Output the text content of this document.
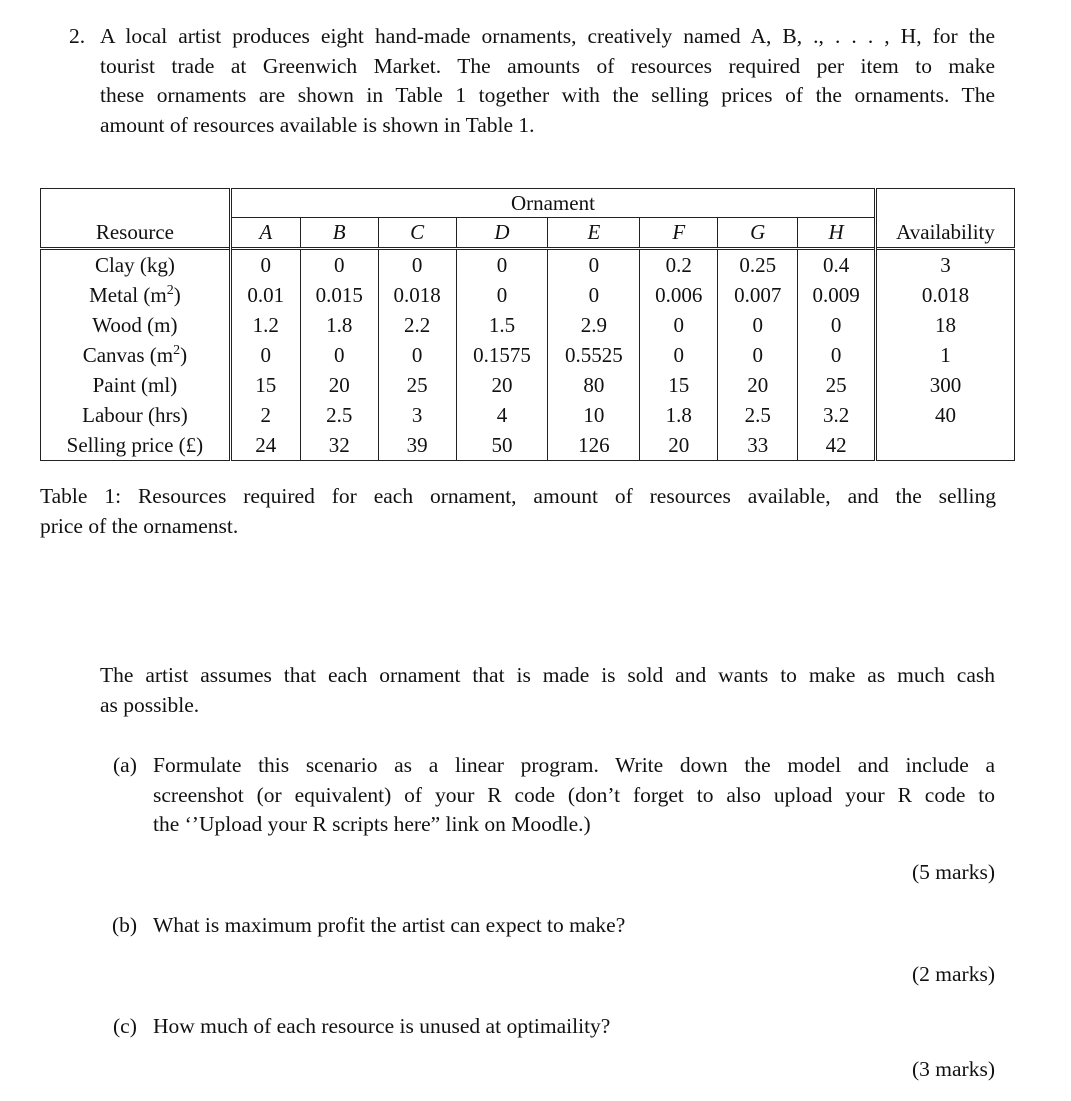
2. A local artist produces eight hand-made ornaments, creatively named A, B, ., . . . , H, for the
tourist trade at Greenwich Market. The amounts of resources required per item to make
these ornaments are shown in Table 1 together with the selling prices of the ornaments. The
amount of resources available is shown in Table 1.
	Ornament								
Resource	A	B	C	D	E	F	G	H	Availability
Clay (kg)	0	0	0	0	0	0.2	0.25	0.4	3
Metal $(m^2)$	0.01	0.015	0.018	0	0	0.006	0.007	0.009	0.018
Wood (m)	1.2	1.8	2.2	1.5	2.9	0	0	0	18
Canvas $(m^2)$	0	0	0	0.1575	0.5525	0	0	0	1
Paint (ml)	15	20	25	20	80	15	20	25	300
Labour (hrs)	2	2.5	3	4	10	1.8	2.5	3.2	40
Selling price (£)	24	32	39	50	126	20	33	42	
Table 1: Resources required for each ornament, amount of resources available, and the selling
price of the ornamenst.
The artist assumes that each ornament that is made is sold and wants to make as much cash
as possible.
(a) Formulate this scenario as a linear program. Write down the model and include a
screenshot (or equivalent) of your R code (don’t forget to also upload your R code to
the ‘’Upload your R scripts here” link on Moodle.)
(5 marks)
(b) What is maximum profit the artist can expect to make?
(2 marks)
(c) How much of each resource is unused at optimaility?
(3 marks)
